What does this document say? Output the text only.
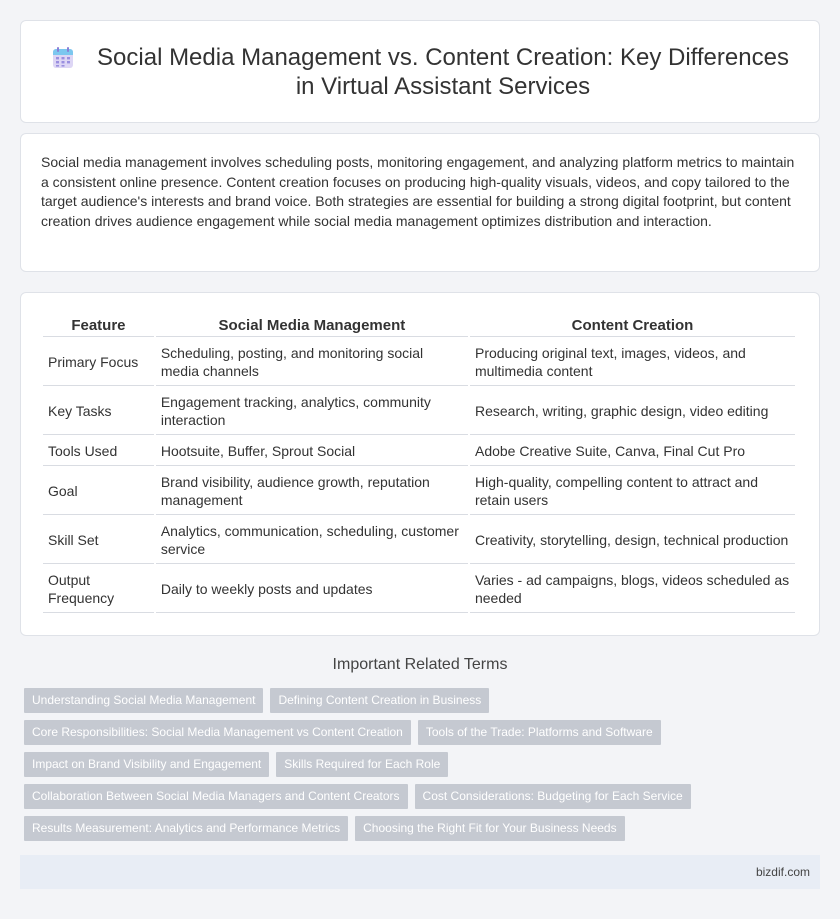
Social Media Management vs. Content Creation: Key Differences in Virtual Assistant Services

Social media management involves scheduling posts, monitoring engagement, and analyzing platform metrics to maintain a consistent online presence. Content creation focuses on producing high-quality visuals, videos, and copy tailored to the target audience's interests and brand voice. Both strategies are essential for building a strong digital footprint, but content creation drives audience engagement while social media management optimizes distribution and interaction.

Feature	Social Media Management	Content Creation
Primary Focus	Scheduling, posting, and monitoring social media channels	Producing original text, images, videos, and multimedia content
Key Tasks	Engagement tracking, analytics, community interaction	Research, writing, graphic design, video editing
Tools Used	Hootsuite, Buffer, Sprout Social	Adobe Creative Suite, Canva, Final Cut Pro
Goal	Brand visibility, audience growth, reputation management	High-quality, compelling content to attract and retain users
Skill Set	Analytics, communication, scheduling, customer service	Creativity, storytelling, design, technical production
Output Frequency	Daily to weekly posts and updates	Varies - ad campaigns, blogs, videos scheduled as needed
Important Related Terms
Understanding Social Media Management	Defining Content Creation in Business
Core Responsibilities: Social Media Management vs Content Creation	Tools of the Trade: Platforms and Software
Impact on Brand Visibility and Engagement	Skills Required for Each Role
Collaboration Between Social Media Managers and Content Creators	Cost Considerations: Budgeting for Each Service
Results Measurement: Analytics and Performance Metrics	Choosing the Right Fit for Your Business Needs
bizdif.com
